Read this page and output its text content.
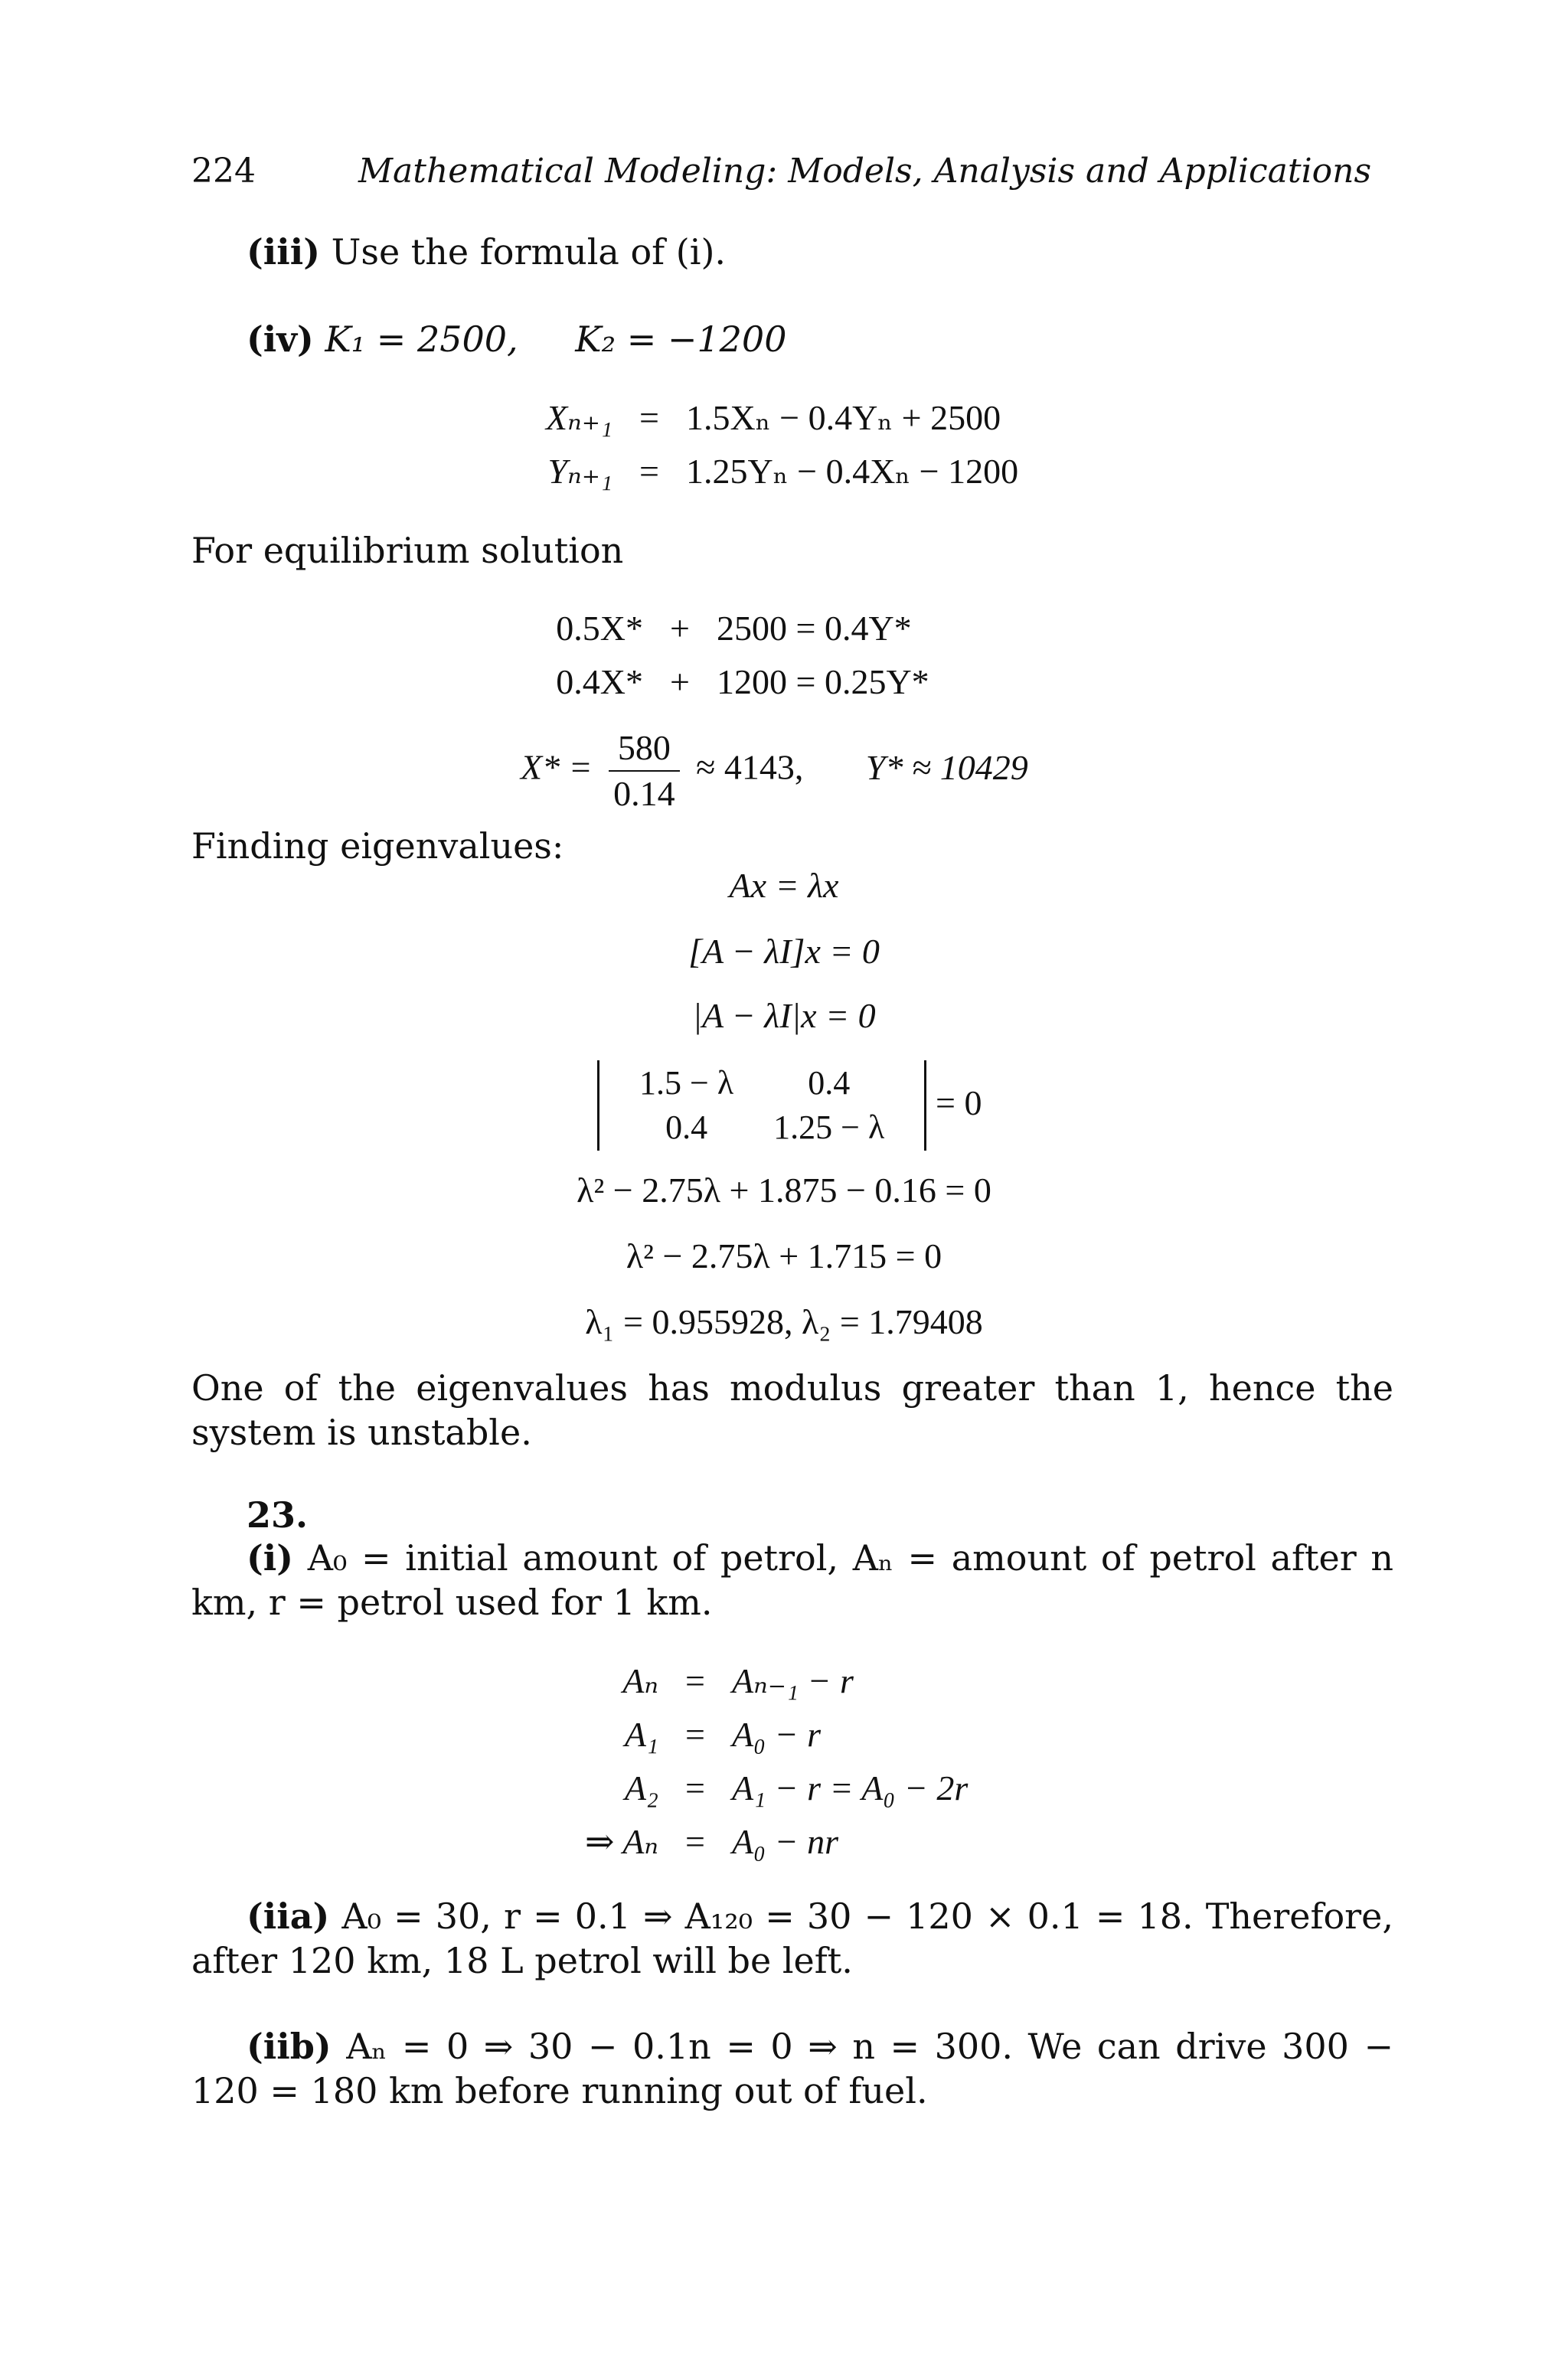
224	Mathematical Modeling: Models, Analysis and Applications
(iii) Use the formula of (i).
(iv) K₁ = 2500, K₂ = −1200
Xₙ₊₁	=	1.5Xₙ − 0.4Yₙ + 2500
Yₙ₊₁	=	1.25Yₙ − 0.4Xₙ − 1200
For equilibrium solution
0.5X*	+	2500 = 0.4Y*
0.4X*	+	1200 = 0.25Y*
$X* = \frac{580}{0.14} \approx 4143$, Y* ≈ 10429
Finding eigenvalues:
Ax = λx
[A − λI]x = 0
|A − λI|x = 0
1.5 − λ	0.4
0.4	1.25 − λ
= 0
λ² − 2.75λ + 1.875 − 0.16 = 0
λ² − 2.75λ + 1.715 = 0
λ₁ = 0.955928, λ₂ = 1.79408
One of the eigenvalues has modulus greater than 1, hence the system is unstable.
23.
(i) A₀ = initial amount of petrol, Aₙ = amount of petrol after n km, r = petrol used for 1 km.
Aₙ	=	Aₙ₋₁ − r
A₁	=	A₀ − r
A₂	=	A₁ − r = A₀ − 2r
⇒ Aₙ	=	A₀ − nr
(iia) A₀ = 30, r = 0.1 ⇒ A₁₂₀ = 30 − 120 × 0.1 = 18. Therefore, after 120 km, 18 L petrol will be left.
(iib) Aₙ = 0 ⇒ 30 − 0.1n = 0 ⇒ n = 300. We can drive 300 − 120 = 180 km before running out of fuel.
